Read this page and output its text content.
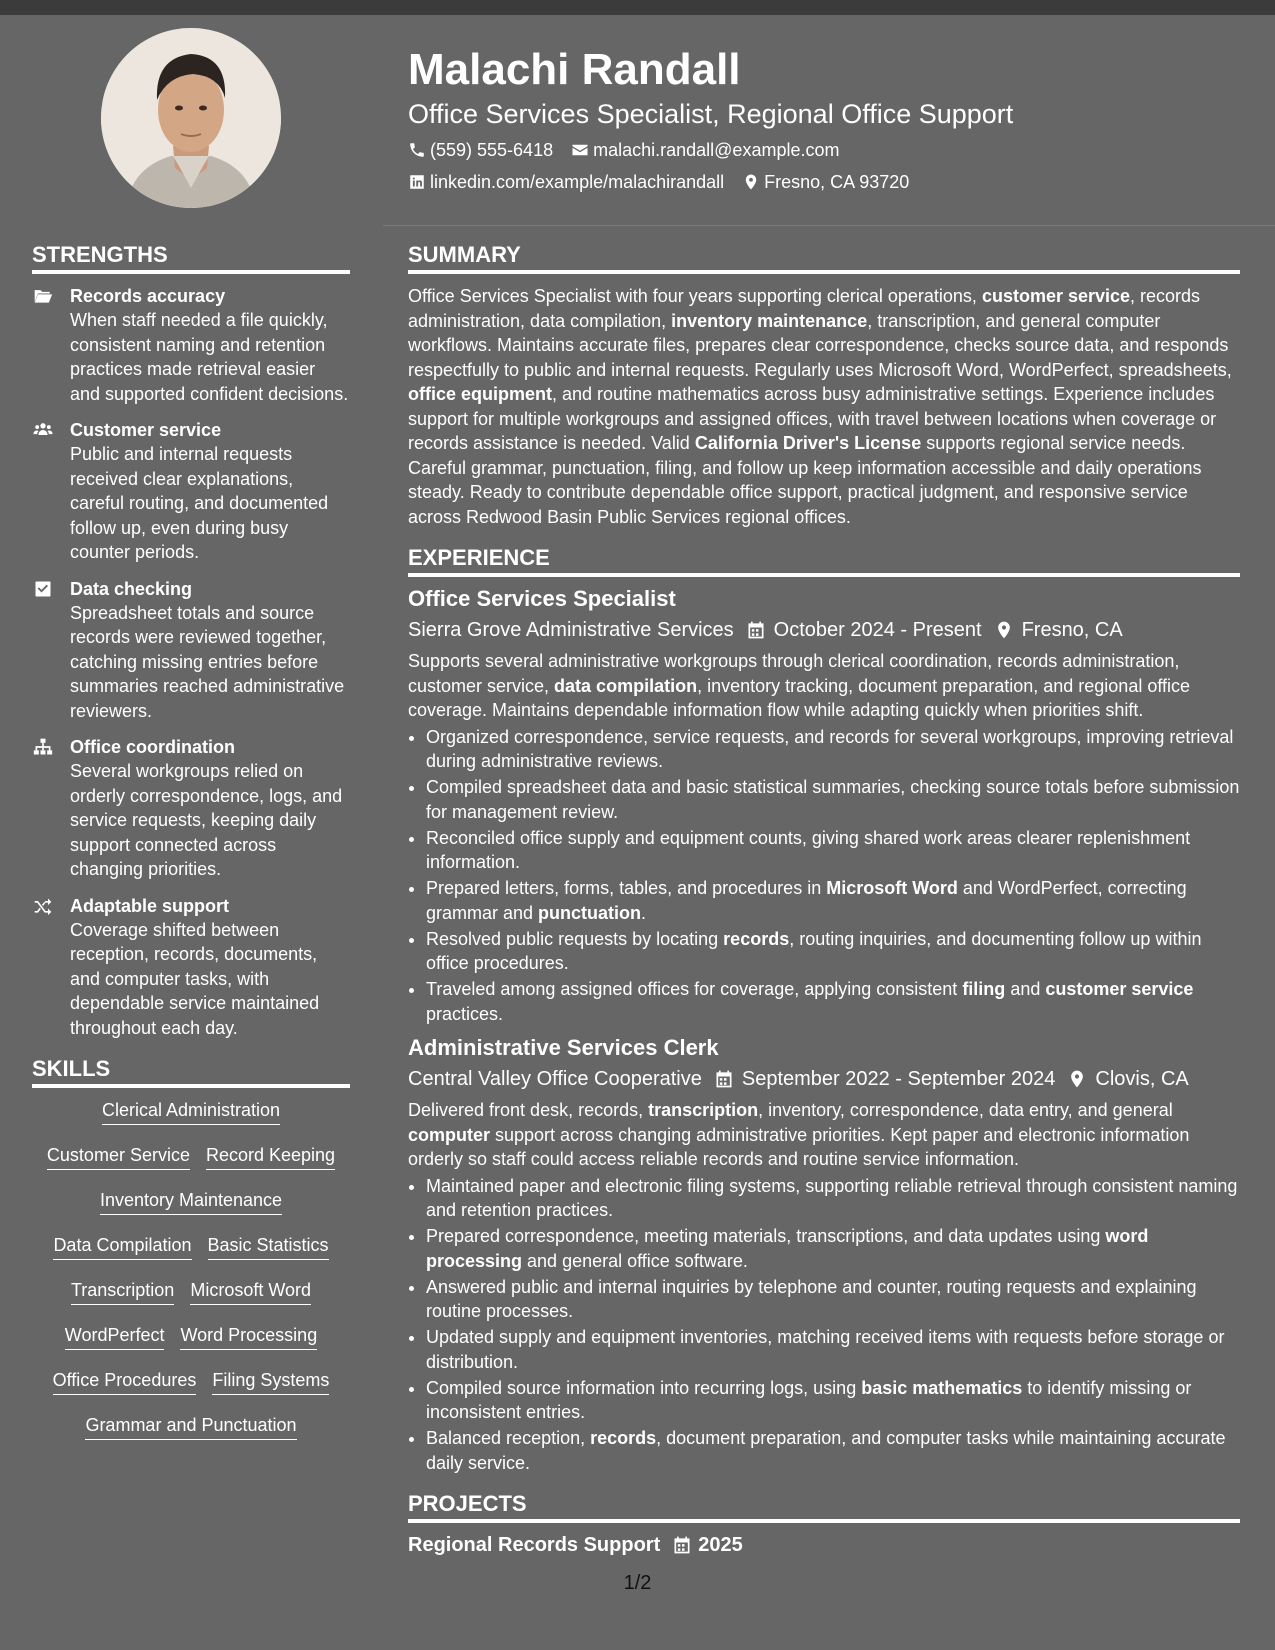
Malachi Randall
Office Services Specialist, Regional Office Support
(559) 555-6418 malachi.randall@example.com
linkedin.com/example/malachirandall Fresno, CA 93720
STRENGTHS
Records accuracy
When staff needed a file quickly, consistent naming and retention practices made retrieval easier and supported confident decisions.
Customer service
Public and internal requests received clear explanations, careful routing, and documented follow up, even during busy counter periods.
Data checking
Spreadsheet totals and source records were reviewed together, catching missing entries before summaries reached administrative reviewers.
Office coordination
Several workgroups relied on orderly correspondence, logs, and service requests, keeping daily support connected across changing priorities.
Adaptable support
Coverage shifted between reception, records, documents, and computer tasks, with dependable service maintained throughout each day.
SKILLS
Clerical Administration
Customer Service Record Keeping
Inventory Maintenance
Data Compilation Basic Statistics
Transcription Microsoft Word
WordPerfect Word Processing
Office Procedures Filing Systems
Grammar and Punctuation
SUMMARY

Office Services Specialist with four years supporting clerical operations, customer service, records administration, data compilation, inventory maintenance, transcription, and general computer workflows. Maintains accurate files, prepares clear correspondence, checks source data, and responds respectfully to public and internal requests. Regularly uses Microsoft Word, WordPerfect, spreadsheets, office equipment, and routine mathematics across busy administrative settings. Experience includes support for multiple workgroups and assigned offices, with travel between locations when coverage or records assistance is needed. Valid California Driver's License supports regional service needs. Careful grammar, punctuation, filing, and follow up keep information accessible and daily operations steady. Ready to contribute dependable office support, practical judgment, and responsive service across Redwood Basin Public Services regional offices.

EXPERIENCE
Office Services Specialist
Sierra Grove Administrative Services October 2024 - Present Fresno, CA

Supports several administrative workgroups through clerical coordination, records administration, customer service, data compilation, inventory tracking, document preparation, and regional office coverage. Maintains dependable information flow while adapting quickly when priorities shift.

• Organized correspondence, service requests, and records for several workgroups, improving retrieval during administrative reviews.
• Compiled spreadsheet data and basic statistical summaries, checking source totals before submission for management review.
• Reconciled office supply and equipment counts, giving shared work areas clearer replenishment information.
• Prepared letters, forms, tables, and procedures in Microsoft Word and WordPerfect, correcting grammar and punctuation.
• Resolved public requests by locating records, routing inquiries, and documenting follow up within office procedures.
• Traveled among assigned offices for coverage, applying consistent filing and customer service practices.
Administrative Services Clerk
Central Valley Office Cooperative September 2022 - September 2024 Clovis, CA

Delivered front desk, records, transcription, inventory, correspondence, data entry, and general computer support across changing administrative priorities. Kept paper and electronic information orderly so staff could access reliable records and routine service information.

• Maintained paper and electronic filing systems, supporting reliable retrieval through consistent naming and retention practices.
• Prepared correspondence, meeting materials, transcriptions, and data updates using word processing and general office software.
• Answered public and internal inquiries by telephone and counter, routing requests and explaining routine processes.
• Updated supply and equipment inventories, matching received items with requests before storage or distribution.
• Compiled source information into recurring logs, using basic mathematics to identify missing or inconsistent entries.
• Balanced reception, records, document preparation, and computer tasks while maintaining accurate daily service.
PROJECTS
Regional Records Support 2025
1/2
